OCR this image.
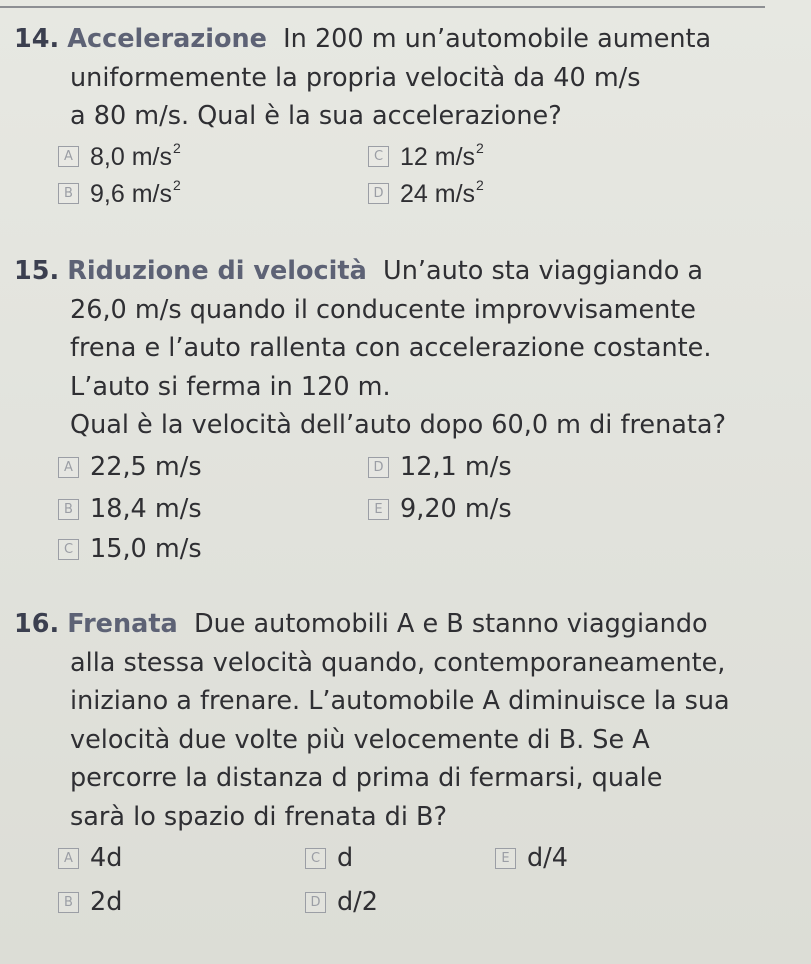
14. Accelerazione In 200 m un’automobile aumenta
uniformemente la propria velocità da 40 m/s
a 80 m/s. Qual è la sua accelerazione?
A 8,0 $m/s^2$	C 12 $m/s^2$
B 9,6 $m/s^2$	D 24 $m/s^2$
15. Riduzione di velocità Un’auto sta viaggiando a
26,0 m/s quando il conducente improvvisamente
frena e l’auto rallenta con accelerazione costante.
L’auto si ferma in 120 m.
Qual è la velocità dell’auto dopo 60,0 m di frenata?
A 22,5 m/s	D 12,1 m/s
B 18,4 m/s	E 9,20 m/s
C 15,0 m/s
16. Frenata Due automobili A e B stanno viaggiando
alla stessa velocità quando, contemporaneamente,
iniziano a frenare. L’automobile A diminuisce la sua
velocità due volte più velocemente di B. Se A
percorre la distanza d prima di fermarsi, quale
sarà lo spazio di frenata di B?
A 4d	C d	E d/4
B 2d	D d/2
